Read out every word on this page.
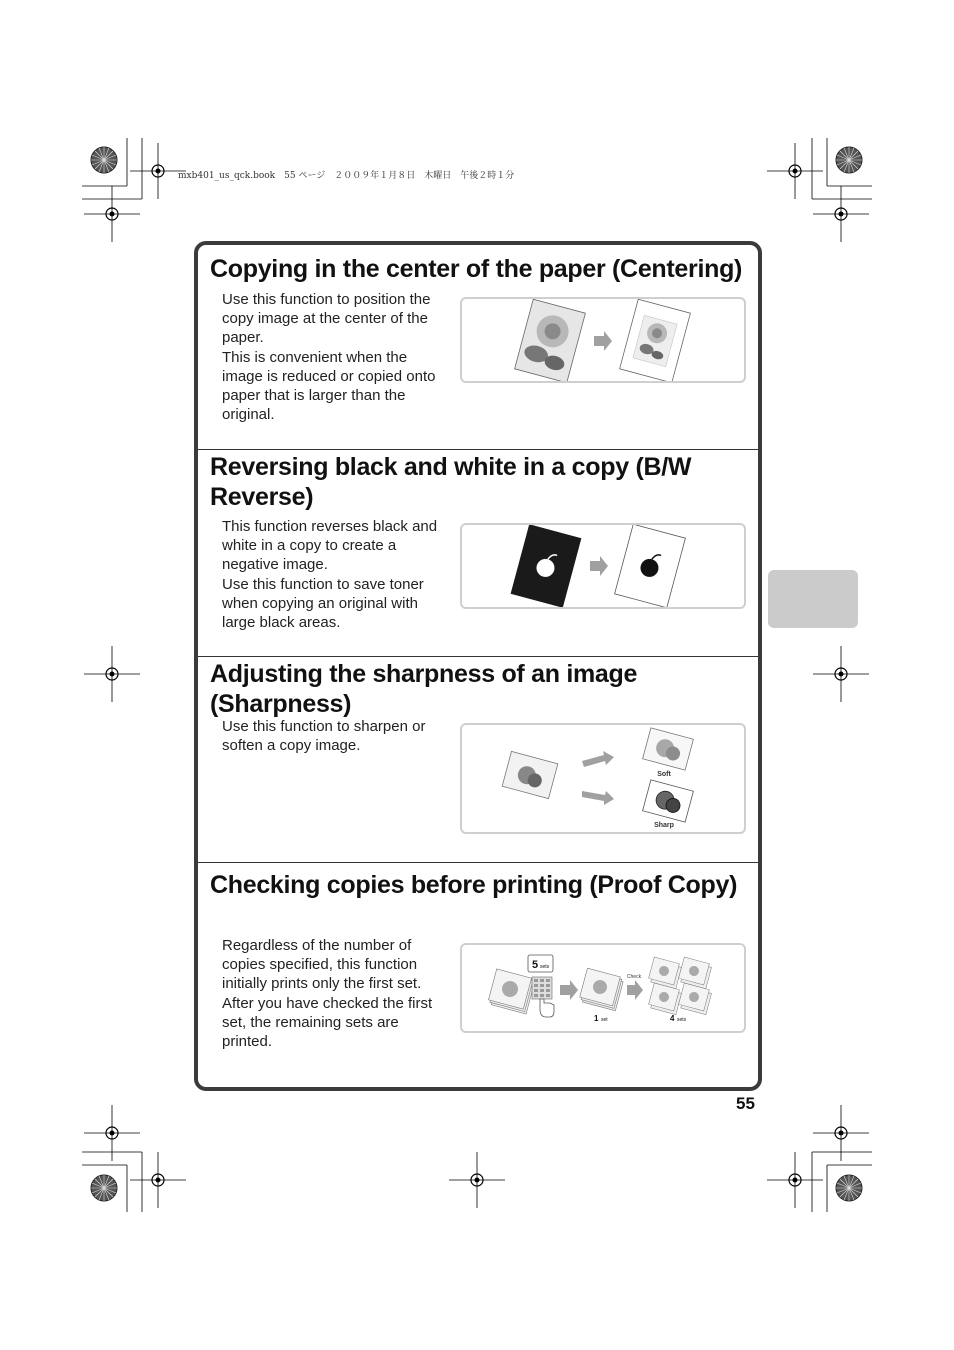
mxb401_us_qck.book　55 ページ　２００９年１月８日　木曜日　午後２時１分
Copying in the center of the paper (Centering)
Use this function to position the copy image at the center of the paper.
This is convenient when the image is reduced or copied onto paper that is larger than the original.
Reversing black and white in a copy (B/W Reverse)
This function reverses black and white in a copy to create a negative image.
Use this function to save toner when copying an original with large black areas.
Adjusting the sharpness of an image (Sharpness)
Use this function to sharpen or soften a copy image.
Soft
Sharp
Checking copies before printing (Proof Copy)
Regardless of the number of copies specified, this function initially prints only the first set.
After you have checked the first set, the remaining sets are printed.
5 sets
1 set
Check
4 sets
55
